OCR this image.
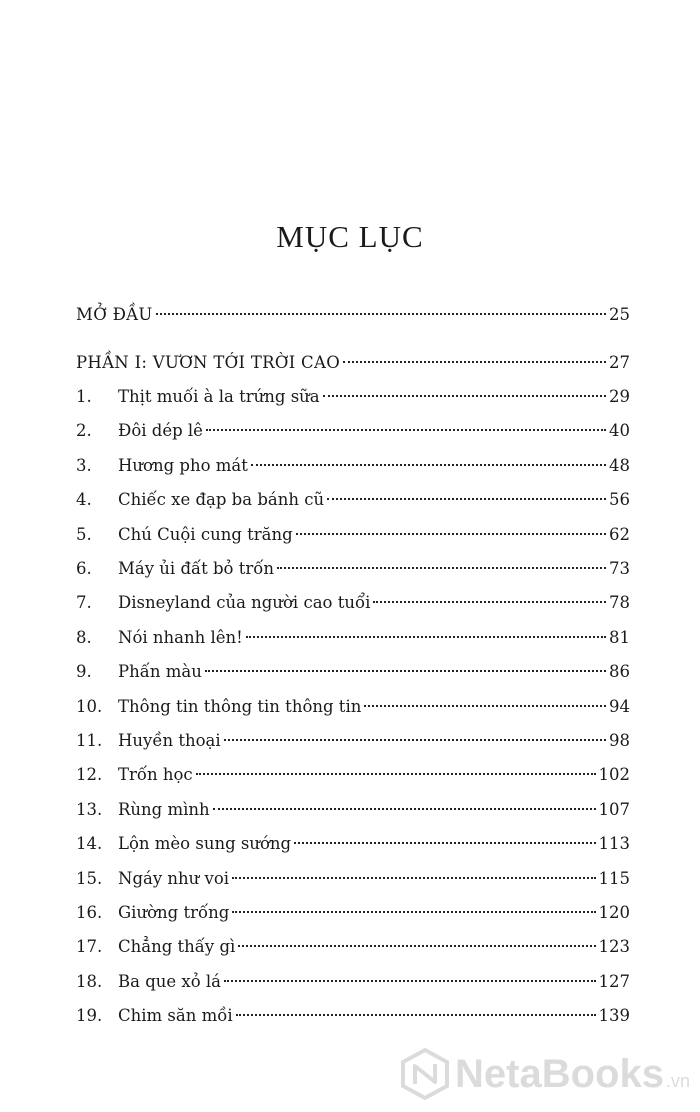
MỤC LỤC
MỞ ĐẦU	25
PHẦN I: VƯƠN TỚI TRỜI CAO	27
1.	Thịt muối à la trứng sữa	29
2.	Đôi dép lê	40
3.	Hương pho mát	48
4.	Chiếc xe đạp ba bánh cũ	56
5.	Chú Cuội cung trăng	62
6.	Máy ủi đất bỏ trốn	73
7.	Disneyland của người cao tuổi	78
8.	Nói nhanh lên!	81
9.	Phấn màu	86
10. Thông tin thông tin thông tin	94
11. Huyền thoại	98
12. Trốn học	102
13. Rùng mình	107
14. Lộn mèo sung sướng	113
15. Ngáy như voi	115
16. Giường trống	120
17. Chẳng thấy gì	123
18. Ba que xỏ lá	127
19. Chim săn mồi	139
NetaBooks .vn
